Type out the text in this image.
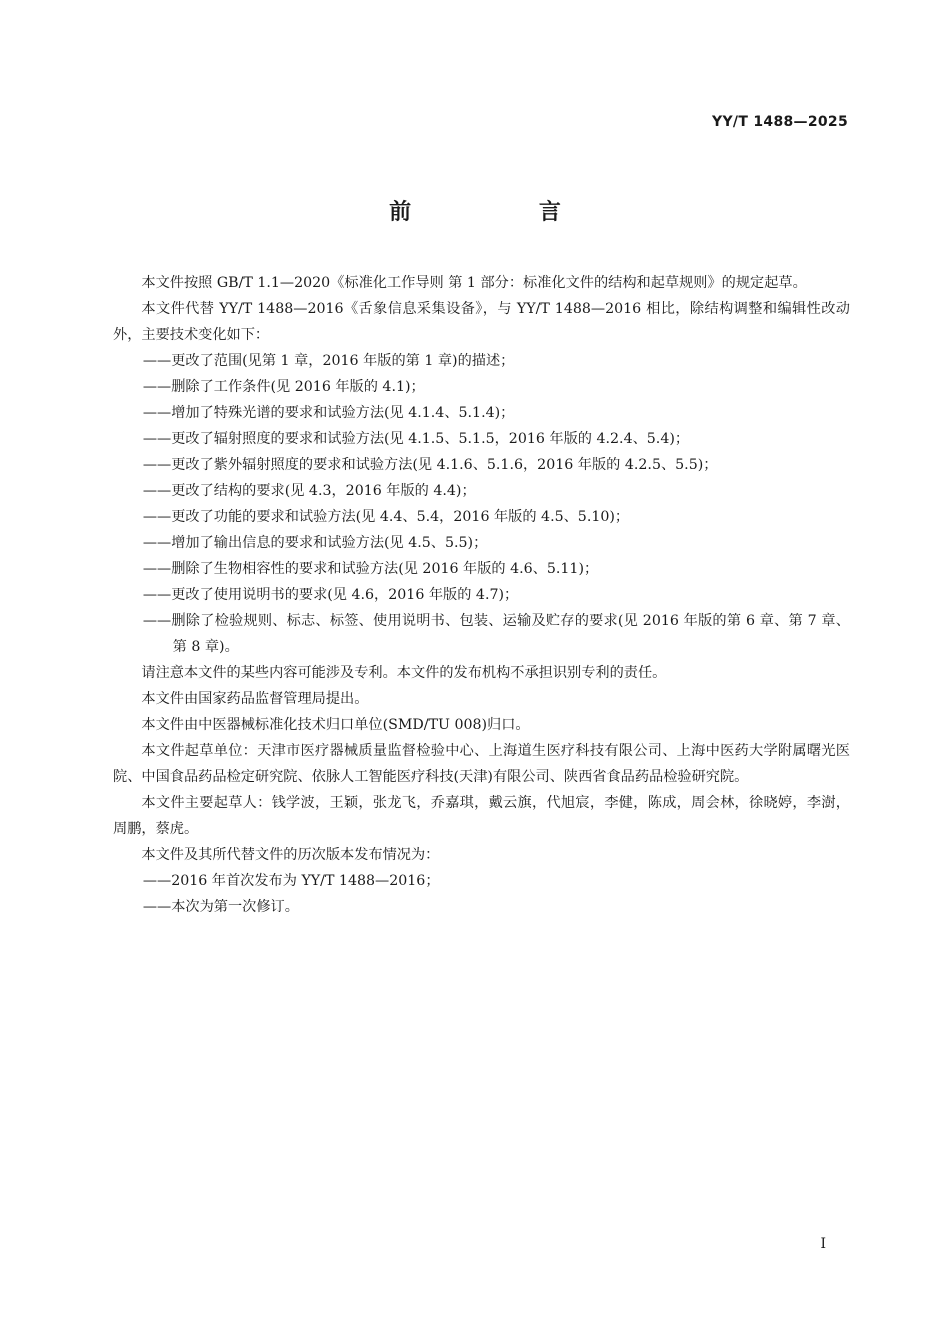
YY/T 1488—2025
前 言

本文件按照 GB/T 1.1—2020《标准化工作导则 第 1 部分：标准化文件的结构和起草规则》的规定起草。

本文件代替 YY/T 1488—2016《舌象信息采集设备》，与 YY/T 1488—2016 相比，除结构调整和编辑性改动外，主要技术变化如下：

——更改了范围(见第 1 章，2016 年版的第 1 章)的描述；

——删除了工作条件(见 2016 年版的 4.1)；

——增加了特殊光谱的要求和试验方法(见 4.1.4、5.1.4)；

——更改了辐射照度的要求和试验方法(见 4.1.5、5.1.5，2016 年版的 4.2.4、5.4)；

——更改了紫外辐射照度的要求和试验方法(见 4.1.6、5.1.6，2016 年版的 4.2.5、5.5)；

——更改了结构的要求(见 4.3，2016 年版的 4.4)；

——更改了功能的要求和试验方法(见 4.4、5.4，2016 年版的 4.5、5.10)；

——增加了输出信息的要求和试验方法(见 4.5、5.5)；

——删除了生物相容性的要求和试验方法(见 2016 年版的 4.6、5.11)；

——更改了使用说明书的要求(见 4.6，2016 年版的 4.7)；

——删除了检验规则、标志、标签、使用说明书、包装、运输及贮存的要求(见 2016 年版的第 6 章、第 7 章、第 8 章)。

请注意本文件的某些内容可能涉及专利。本文件的发布机构不承担识别专利的责任。

本文件由国家药品监督管理局提出。

本文件由中医器械标准化技术归口单位(SMD/TU 008)归口。

本文件起草单位：天津市医疗器械质量监督检验中心、上海道生医疗科技有限公司、上海中医药大学附属曙光医院、中国食品药品检定研究院、依脉人工智能医疗科技(天津)有限公司、陕西省食品药品检验研究院。

本文件主要起草人：钱学波，王颖，张龙飞，乔嘉琪，戴云旗，代旭宸，李健，陈成，周会林，徐晓婷，李澍，周鹏，蔡虎。

本文件及其所代替文件的历次版本发布情况为：

——2016 年首次发布为 YY/T 1488—2016；

——本次为第一次修订。

I
